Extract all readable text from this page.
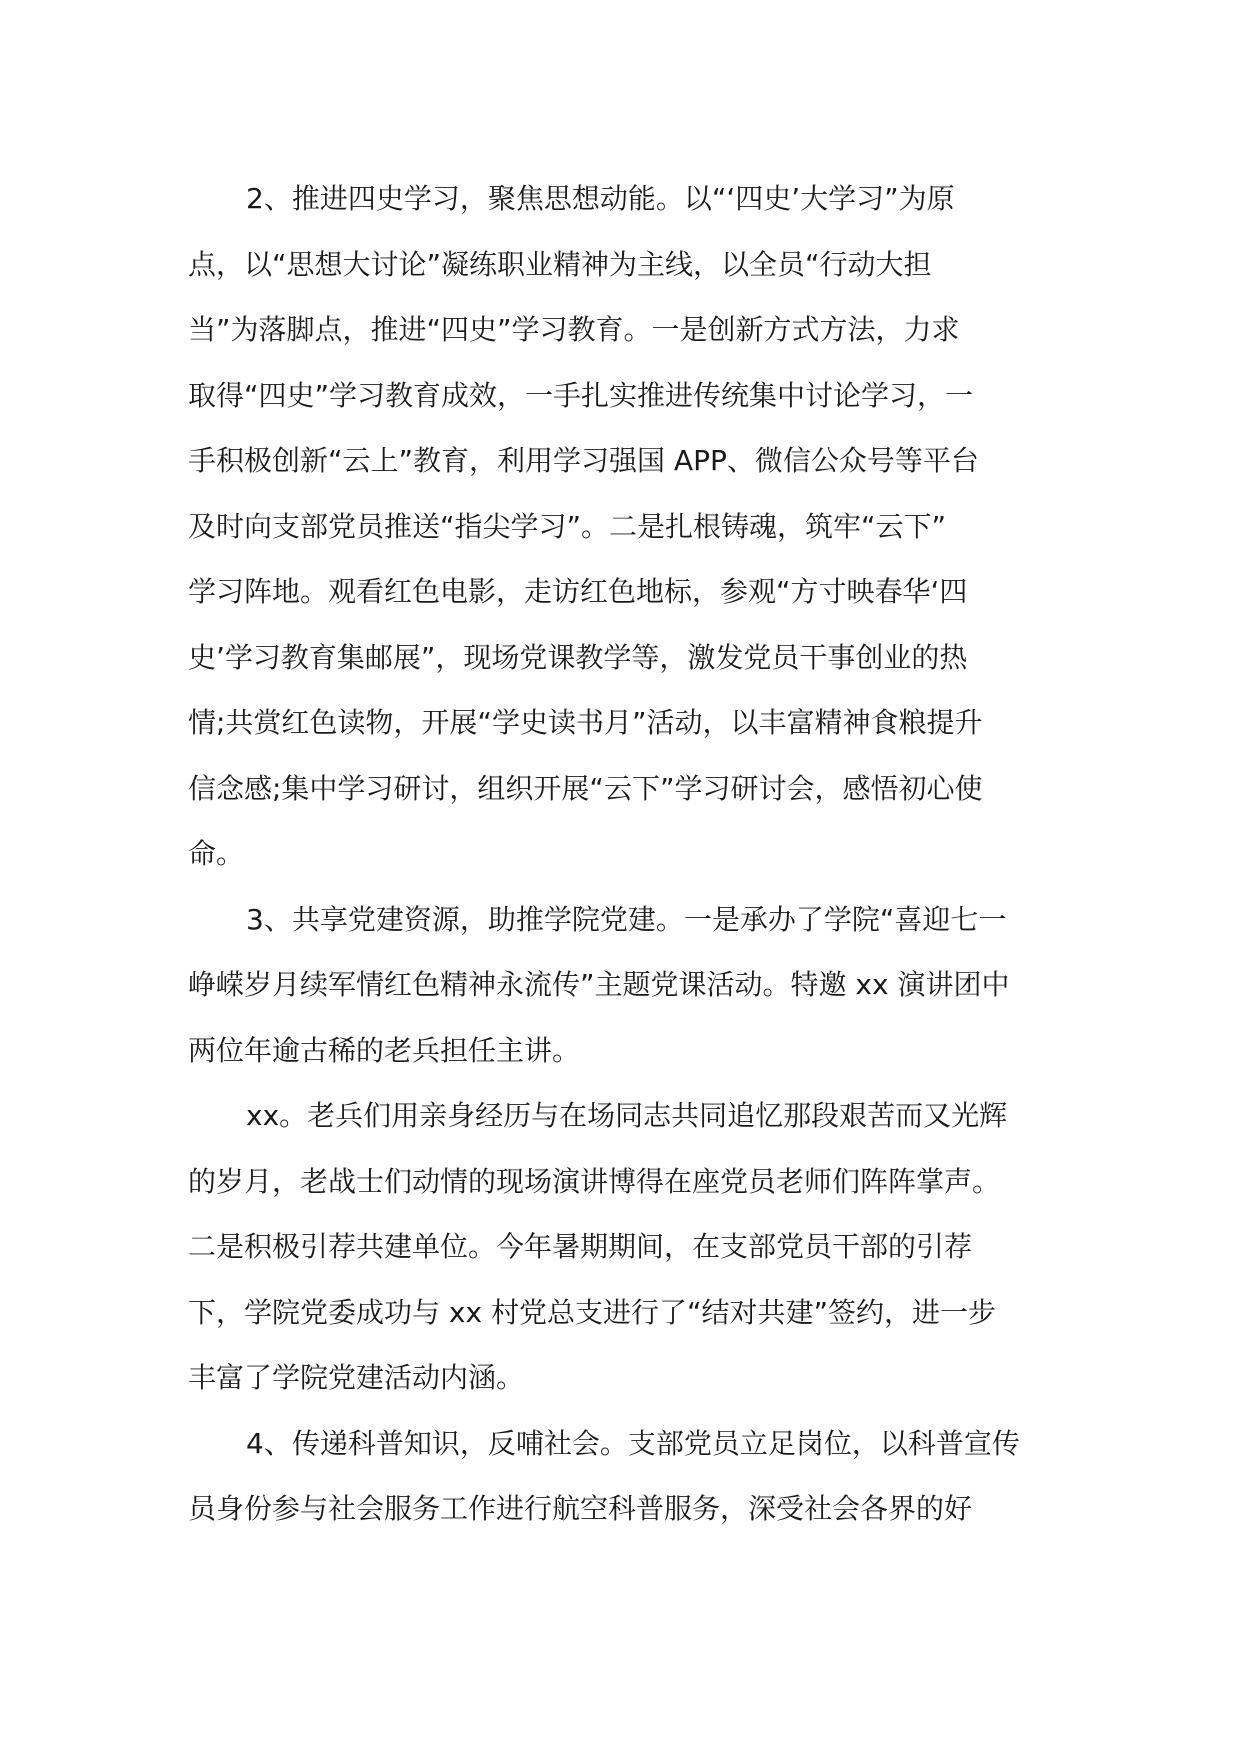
2、推进四史学习，聚焦思想动能。以“‘四史’大学习”为原
点，以“思想大讨论”凝练职业精神为主线，以全员“行动大担
当”为落脚点，推进“四史”学习教育。一是创新方式方法，力求
取得“四史”学习教育成效，一手扎实推进传统集中讨论学习，一
手积极创新“云上”教育，利用学习强国 APP、微信公众号等平台
及时向支部党员推送“指尖学习”。二是扎根铸魂，筑牢“云下”
学习阵地。观看红色电影，走访红色地标，参观“方寸映春华‘四
史’学习教育集邮展”，现场党课教学等，激发党员干事创业的热
情;共赏红色读物，开展“学史读书月”活动，以丰富精神食粮提升
信念感;集中学习研讨，组织开展“云下”学习研讨会，感悟初心使
命。
3、共享党建资源，助推学院党建。一是承办了学院“喜迎七一
峥嵘岁月续军情红色精神永流传”主题党课活动。特邀 xx 演讲团中
两位年逾古稀的老兵担任主讲。
xx。老兵们用亲身经历与在场同志共同追忆那段艰苦而又光辉
的岁月，老战士们动情的现场演讲博得在座党员老师们阵阵掌声。
二是积极引荐共建单位。今年暑期期间，在支部党员干部的引荐
下，学院党委成功与 xx 村党总支进行了“结对共建”签约，进一步
丰富了学院党建活动内涵。
4、传递科普知识，反哺社会。支部党员立足岗位，以科普宣传
员身份参与社会服务工作进行航空科普服务，深受社会各界的好
